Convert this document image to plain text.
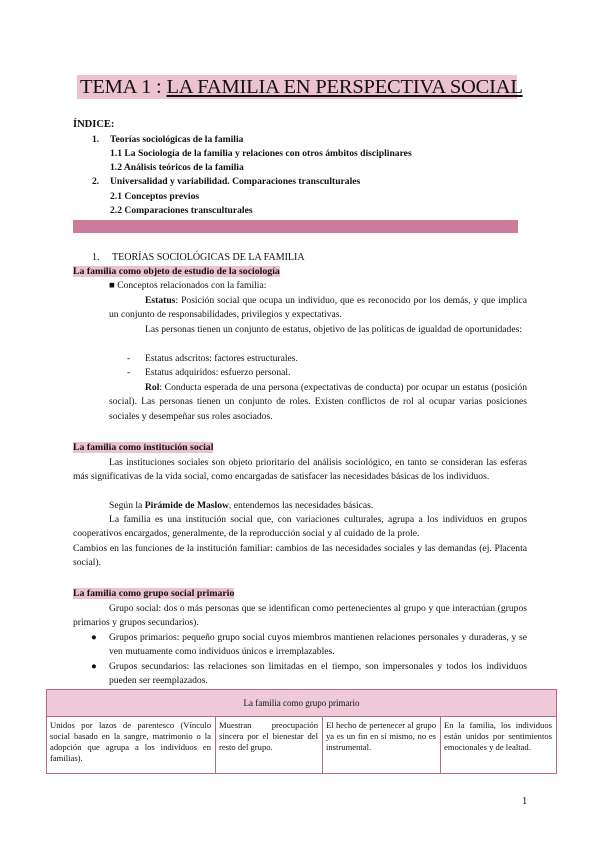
TEMA 1 : LA FAMILIA EN PERSPECTIVA SOCIAL
ÍNDICE:
1.	Teorías sociológicas de la familia
1.1 La Sociología de la familia y relaciones con otros ámbitos disciplinares
1.2 Análisis teóricos de la familia
2.	Universalidad y variabilidad. Comparaciones transculturales
2.1 Conceptos previos
2.2 Comparaciones transculturales
1. TEORÍAS SOCIOLÓGICAS DE LA FAMILIA
La familia como objeto de estudio de la sociología
■ Conceptos relacionados con la familia:
Estatus: Posición social que ocupa un individuo, que es reconocido por los demás, y que implica un conjunto de responsabilidades, privilegios y expectativas.
Las personas tienen un conjunto de estatus, objetivo de las políticas de igualdad de oportunidades:
- Estatus adscritos: factores estructurales.
- Estatus adquiridos: esfuerzo personal.
Rol: Conducta esperada de una persona (expectativas de conducta) por ocupar un estatus (posición social). Las personas tienen un conjunto de roles. Existen conflictos de rol al ocupar varias posiciones sociales y desempeñar sus roles asociados.
La familia como institución social
Las instituciones sociales son objeto prioritario del análisis sociológico, en tanto se consideran las esferas más significativas de la vida social, como encargadas de satisfacer las necesidades básicas de los individuos.
Según la Pirámide de Maslow, entendemos las necesidades básicas.
La familia es una institución social que, con variaciones culturales, agrupa a los individuos en grupos cooperativos encargados, generalmente, de la reproducción social y al cuidado de la prole.
Cambios en las funciones de la institución familiar: cambios de las necesidades sociales y las demandas (ej. Placenta social).
La familia como grupo social primario
Grupo social: dos o más personas que se identifican como pertenecientes al grupo y que interactúan (grupos primarios y grupos secundarios).
● Grupos primarios: pequeño grupo social cuyos miembros mantienen relaciones personales y duraderas, y se ven mutuamente como individuos únicos e irremplazables.
● Grupos secundarios: las relaciones son limitadas en el tiempo, son impersonales y todos los individuos pueden ser reemplazados.
La familia como grupo primario
Unidos por lazos de parentesco (Vínculo social basado en la sangre, matrimonio o la adopción que agrupa a los individuos en familias).
Muestran preocupación sincera por el bienestar del resto del grupo.
El hecho de pertenecer al grupo ya es un fin en sí mismo, no es instrumental.
En la familia, los individuos están unidos por sentimientos emocionales y de lealtad.
1
